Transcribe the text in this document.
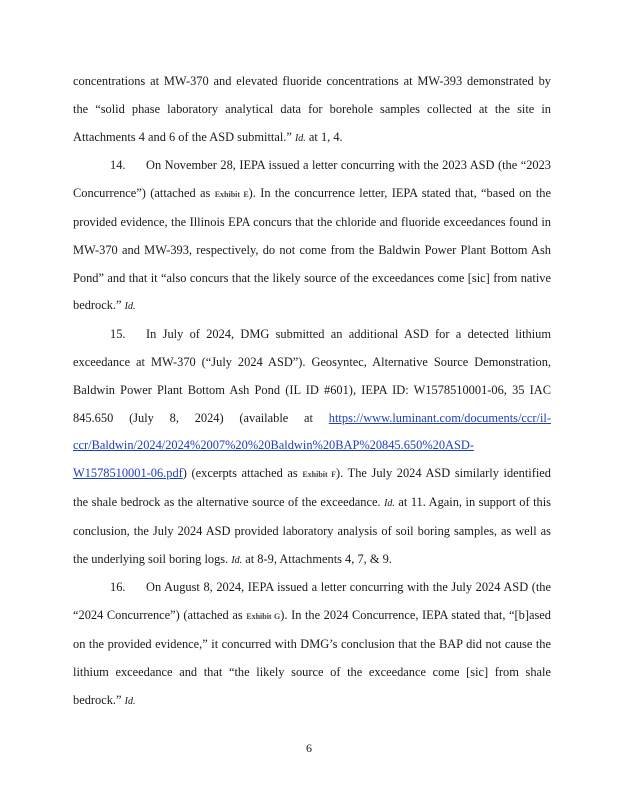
concentrations at MW-370 and elevated fluoride concentrations at MW-393 demonstrated by the “solid phase laboratory analytical data for borehole samples collected at the site in Attachments 4 and 6 of the ASD submittal.” Id. at 1, 4.

14. On November 28, IEPA issued a letter concurring with the 2023 ASD (the “2023 Concurrence”) (attached as Exhibit E). In the concurrence letter, IEPA stated that, “based on the provided evidence, the Illinois EPA concurs that the chloride and fluoride exceedances found in MW-370 and MW-393, respectively, do not come from the Baldwin Power Plant Bottom Ash Pond” and that it “also concurs that the likely source of the exceedances come [sic] from native bedrock.” Id.

15. In July of 2024, DMG submitted an additional ASD for a detected lithium exceedance at MW-370 (“July 2024 ASD”). Geosyntec, Alternative Source Demonstration, Baldwin Power Plant Bottom Ash Pond (IL ID #601), IEPA ID: W1578510001-06, 35 IAC 845.650 (July 8, 2024) (available at https://www.luminant.com/documents/ccr/il-ccr/Baldwin/2024/2024%2007%20%20Baldwin%20BAP%20845.650%20ASD-W1578510001-06.pdf) (excerpts attached as Exhibit F). The July 2024 ASD similarly identified the shale bedrock as the alternative source of the exceedance. Id. at 11. Again, in support of this conclusion, the July 2024 ASD provided laboratory analysis of soil boring samples, as well as the underlying soil boring logs. Id. at 8-9, Attachments 4, 7, & 9.

16. On August 8, 2024, IEPA issued a letter concurring with the July 2024 ASD (the “2024 Concurrence”) (attached as Exhibit G). In the 2024 Concurrence, IEPA stated that, “[b]ased on the provided evidence,” it concurred with DMG’s conclusion that the BAP did not cause the lithium exceedance and that “the likely source of the exceedance come [sic] from shale bedrock.” Id.

6
